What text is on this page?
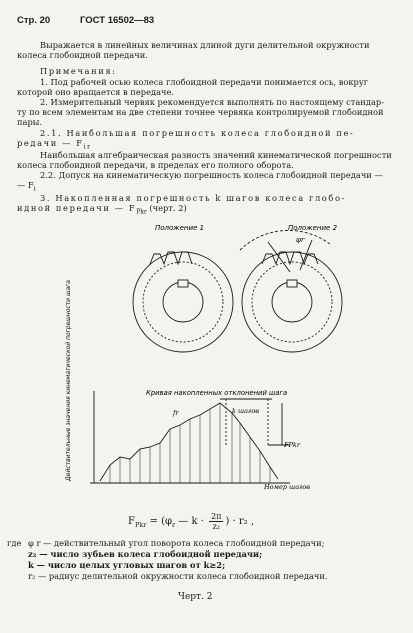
Стр. 20	ГОСТ 16502—83
Выражается в линейных величинах длиной дуги делительной окружности
колеса глобоидной передачи.
Примечания:
1. Под рабочей осью колеса глобоидной передачи понимается ось, вокруг
которой оно вращается в передаче.
2. Измерительный червяк рекомендуется выполнять по настоящему стандар-
ту по всем элементам на две степени точнее червяка контролируемой глобоидной
пары.
2.1. Наибольшая погрешность колеса глобоидной пе-
редачи — $F_{ir}$
Наибольшая алгебраическая разность значений кинематической погрешности
колеса глобоидной передачи, в пределах его полного оборота.
2.2. Допуск на кинематическую погрешность колеса глобоидной передачи —
— $F_i$
3. Накопленная погрешность k шагов колеса глобо-
идной передачи — $F_{Pkr}$ (черт. 2)
Положение 1	Положение 2
φr
Кривая накопленных отклонений шага
k шагов
FPkr
Номер шагов
fr
Действительные значения кинематической погрешности шага
$F_{Pkr} = (\varphi_r$ — $k \cdot \frac{2\pi}{\text{z₂}}$ ) · r₂ ,
где φ r — действительный угол поворота колеса глобоидной передачи;
z₂ — число зубьев колеса глобоидной передачи;
k — число целых угловых шагов от k≥2;
r₂ — радиус делительной окружности колеса глобоидной передачи.
Черт. 2
